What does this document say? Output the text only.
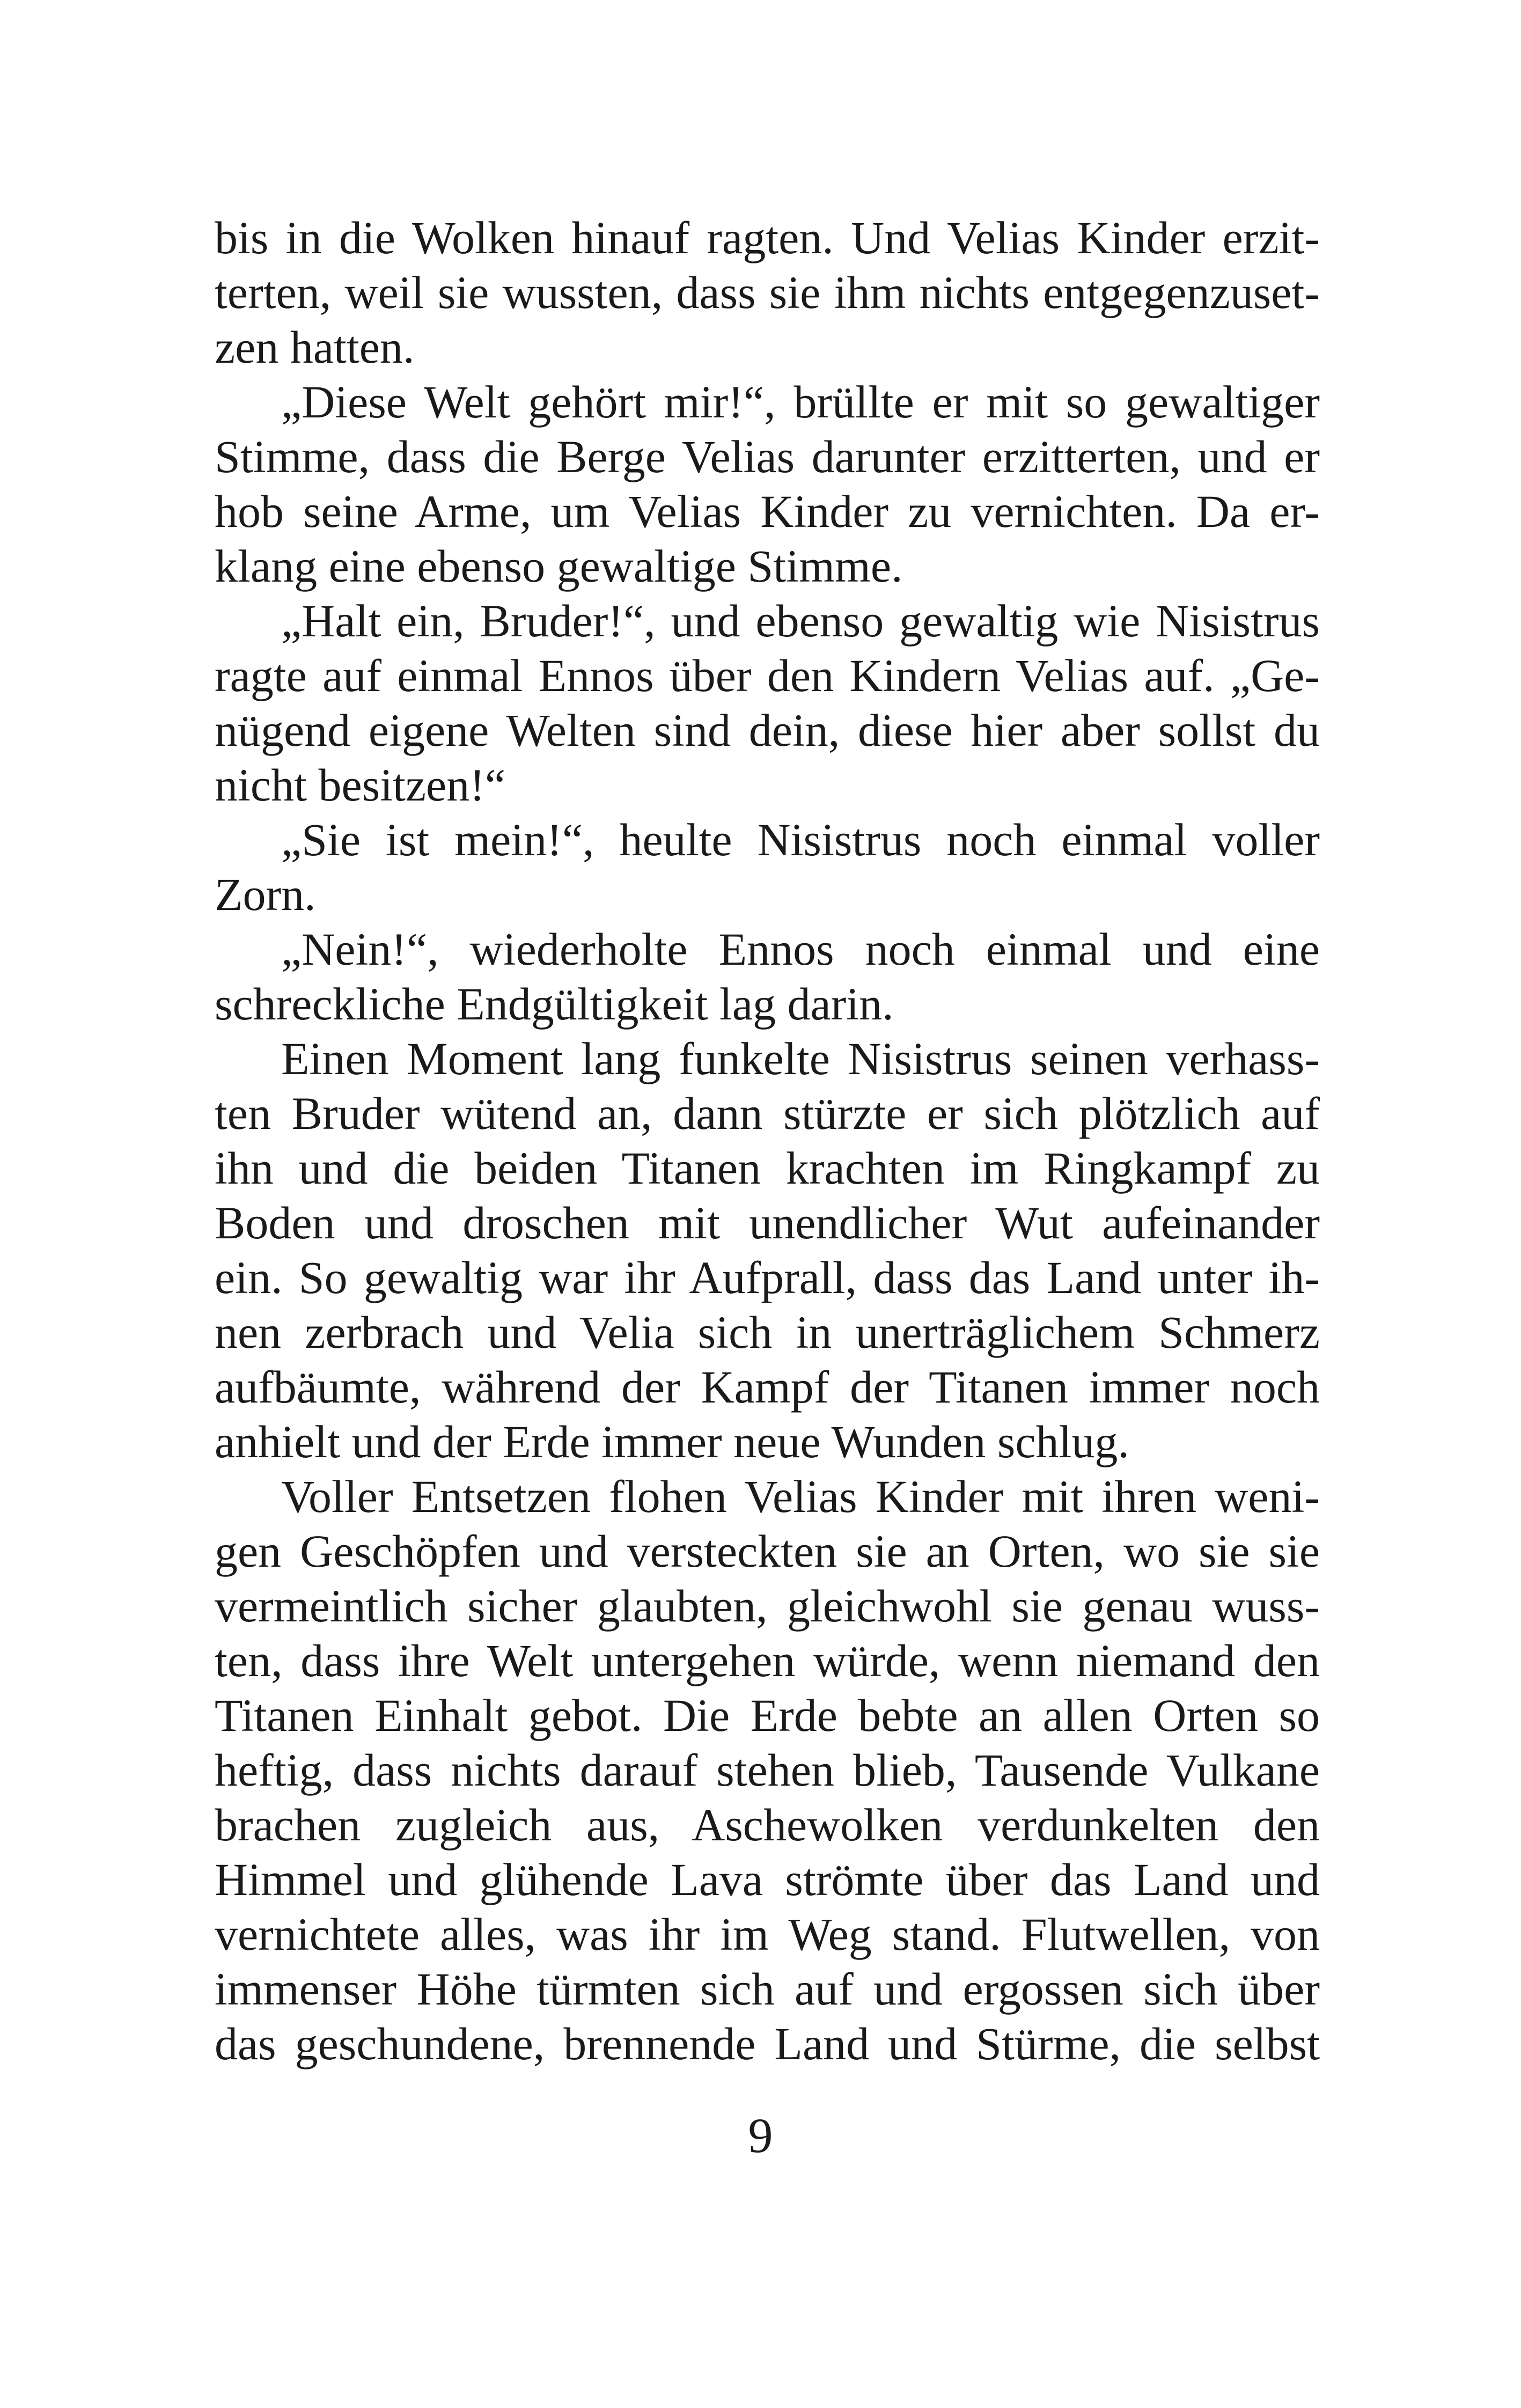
bis in die Wolken hinauf ragten. Und Velias Kinder erzit-
terten, weil sie wussten, dass sie ihm nichts entgegenzuset-
zen hatten.
„Diese Welt gehört mir!“, brüllte er mit so gewaltiger
Stimme, dass die Berge Velias darunter erzitterten, und er
hob seine Arme, um Velias Kinder zu vernichten. Da er-
klang eine ebenso gewaltige Stimme.
„Halt ein, Bruder!“, und ebenso gewaltig wie Nisistrus
ragte auf einmal Ennos über den Kindern Velias auf. „Ge-
nügend eigene Welten sind dein, diese hier aber sollst du
nicht besitzen!“
„Sie ist mein!“, heulte Nisistrus noch einmal voller
Zorn.
„Nein!“, wiederholte Ennos noch einmal und eine
schreckliche Endgültigkeit lag darin.
Einen Moment lang funkelte Nisistrus seinen verhass-
ten Bruder wütend an, dann stürzte er sich plötzlich auf
ihn und die beiden Titanen krachten im Ringkampf zu
Boden und droschen mit unendlicher Wut aufeinander
ein. So gewaltig war ihr Aufprall, dass das Land unter ih-
nen zerbrach und Velia sich in unerträglichem Schmerz
aufbäumte, während der Kampf der Titanen immer noch
anhielt und der Erde immer neue Wunden schlug.
Voller Entsetzen flohen Velias Kinder mit ihren weni-
gen Geschöpfen und versteckten sie an Orten, wo sie sie
vermeintlich sicher glaubten, gleichwohl sie genau wuss-
ten, dass ihre Welt untergehen würde, wenn niemand den
Titanen Einhalt gebot. Die Erde bebte an allen Orten so
heftig, dass nichts darauf stehen blieb, Tausende Vulkane
brachen zugleich aus, Aschewolken verdunkelten den
Himmel und glühende Lava strömte über das Land und
vernichtete alles, was ihr im Weg stand. Flutwellen, von
immenser Höhe türmten sich auf und ergossen sich über
das geschundene, brennende Land und Stürme, die selbst
9
